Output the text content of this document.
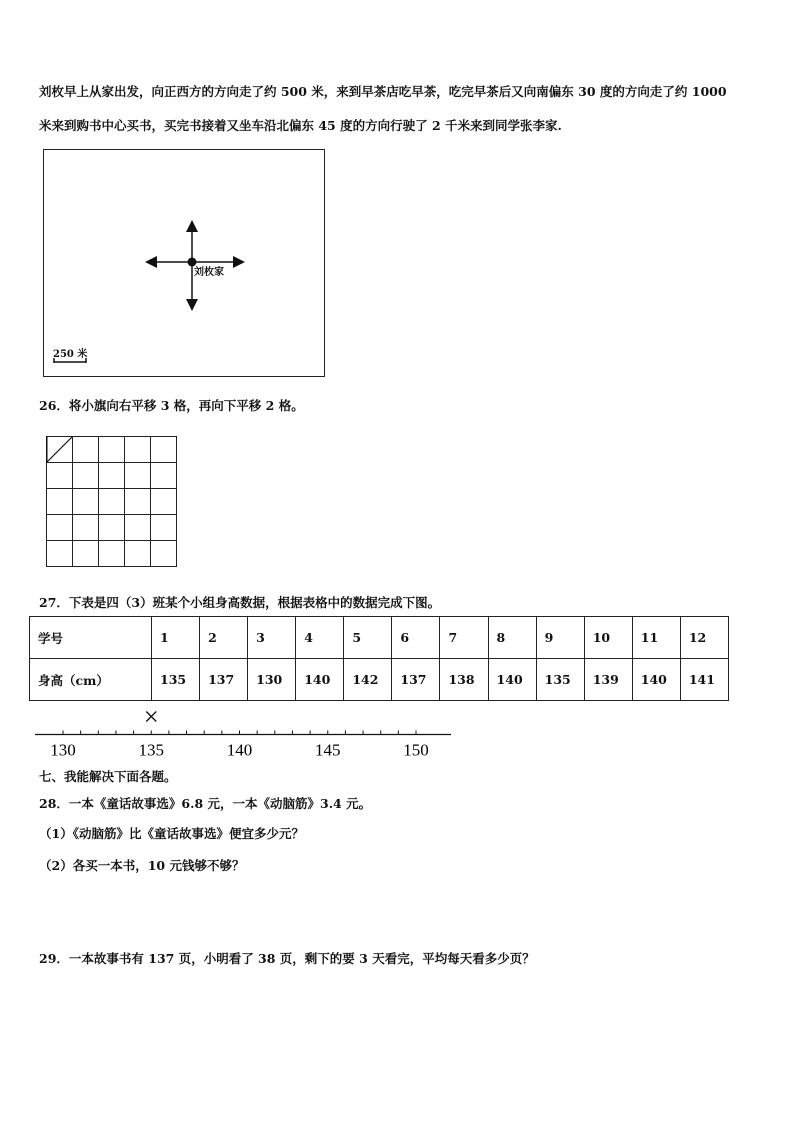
刘枚早上从家出发，向正西方的方向走了约 500 米，来到早茶店吃早茶，吃完早茶后又向南偏东 30 度的方向走了约 1000
米来到购书中心买书，买完书接着又坐车沿北偏东 45 度的方向行驶了 2 千米来到同学张李家.
刘枚家
250 米
26．将小旗向右平移 3 格，再向下平移 2 格。
27．下表是四（3）班某个小组身高数据，根据表格中的数据完成下图。
学号	1	2	3	4	5	6	7	8	9	10	11	12
身高（cm）	135	137	130	140	142	137	138	140	135	139	140	141
130	135	140	145	150
七、我能解决下面各题。
28．一本《童话故事选》6.8 元，一本《动脑筋》3.4 元。
（1）《动脑筋》比《童话故事选》便宜多少元？
（2）各买一本书，10 元钱够不够？
29．一本故事书有 137 页，小明看了 38 页，剩下的要 3 天看完，平均每天看多少页？
